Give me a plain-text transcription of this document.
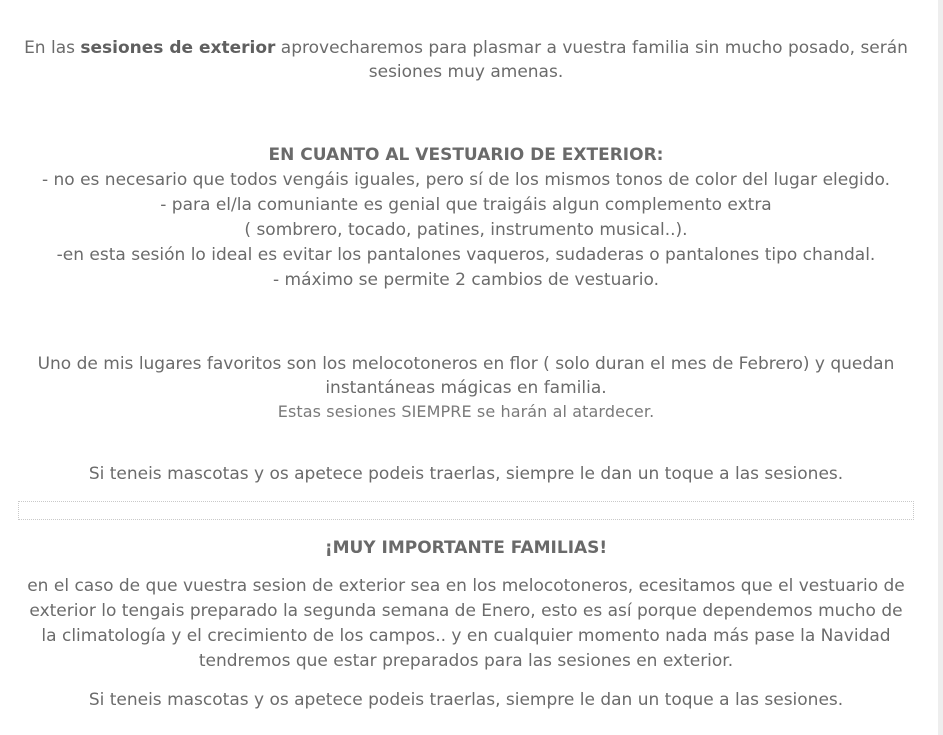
En las sesiones de exterior aprovecharemos para plasmar a vuestra familia sin mucho posado, serán
sesiones muy amenas.
EN CUANTO AL VESTUARIO DE EXTERIOR:
- no es necesario que todos vengáis iguales, pero sí de los mismos tonos de color del lugar elegido.
- para el/la comuniante es genial que traigáis algun complemento extra
( sombrero, tocado, patines, instrumento musical..).
-en esta sesión lo ideal es evitar los pantalones vaqueros, sudaderas o pantalones tipo chandal.
- máximo se permite 2 cambios de vestuario.
Uno de mis lugares favoritos son los melocotoneros en flor ( solo duran el mes de Febrero) y quedan
instantáneas mágicas en familia.
Estas sesiones SIEMPRE se harán al atardecer.
Si teneis mascotas y os apetece podeis traerlas, siempre le dan un toque a las sesiones.
¡MUY IMPORTANTE FAMILIAS!
en el caso de que vuestra sesion de exterior sea en los melocotoneros, ecesitamos que el vestuario de
exterior lo tengais preparado la segunda semana de Enero, esto es así porque dependemos mucho de
la climatología y el crecimiento de los campos.. y en cualquier momento nada más pase la Navidad
tendremos que estar preparados para las sesiones en exterior.
Si teneis mascotas y os apetece podeis traerlas, siempre le dan un toque a las sesiones.
